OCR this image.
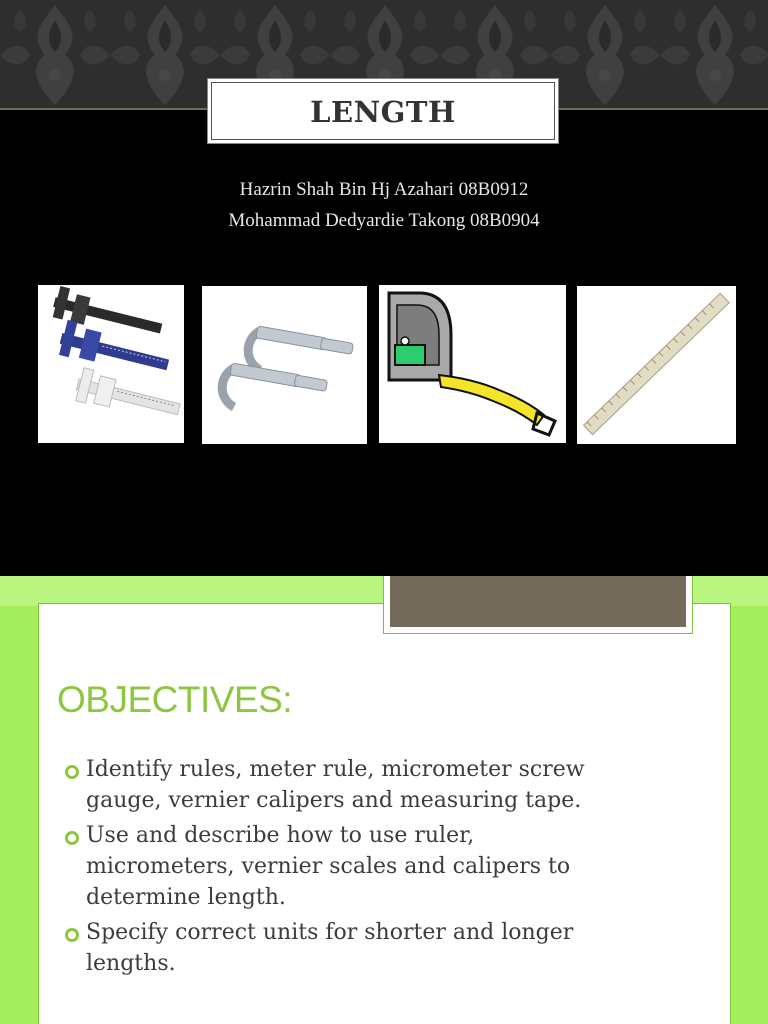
LENGTH
Hazrin Shah Bin Hj Azahari 08B0912
Mohammad Dedyardie Takong 08B0904
OBJECTIVES:
Identify rules, meter rule, micrometer screw gauge, vernier calipers and measuring tape.
Use and describe how to use ruler, micrometers, vernier scales and calipers to determine length.
Specify correct units for shorter and longer lengths.
